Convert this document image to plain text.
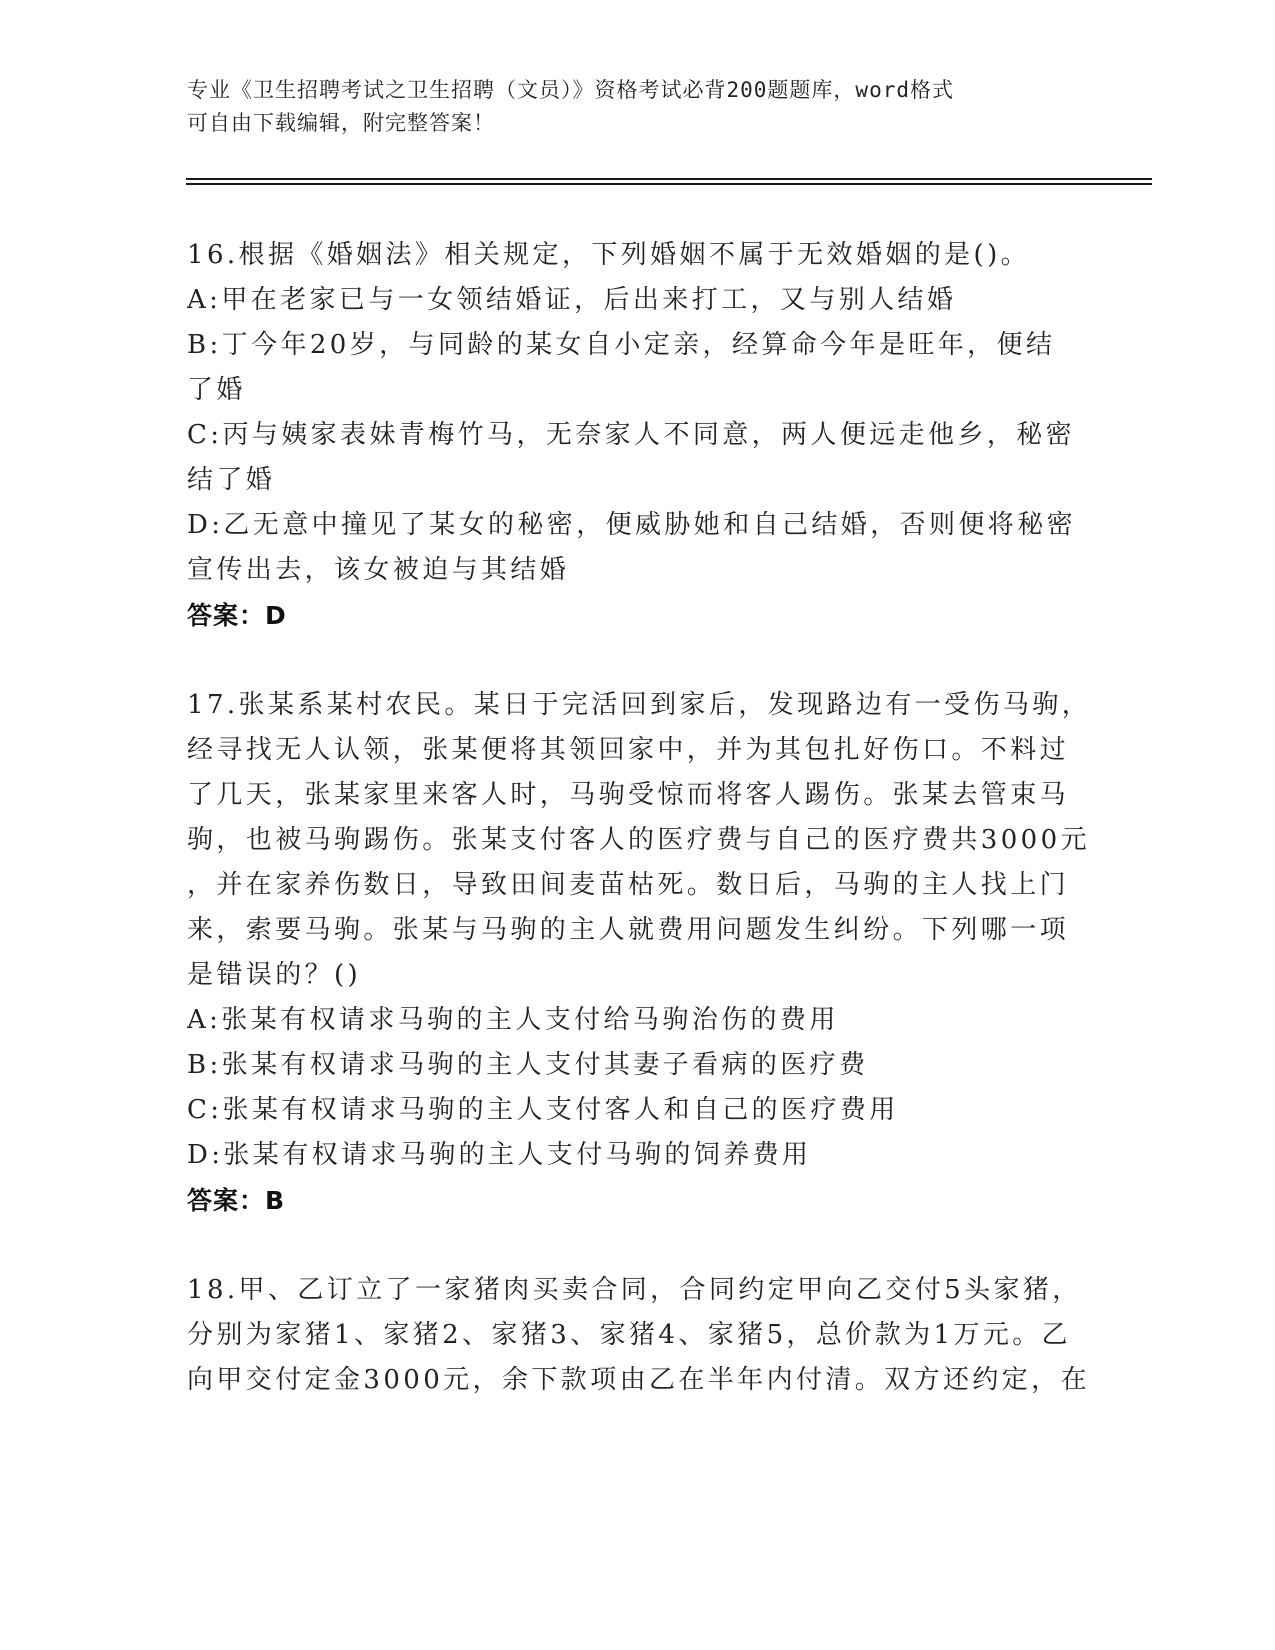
专业《卫生招聘考试之卫生招聘（文员）》资格考试必背200题题库，word格式
可自由下载编辑，附完整答案！
16.根据《婚姻法》相关规定，下列婚姻不属于无效婚姻的是()。
A:甲在老家已与一女领结婚证，后出来打工，又与别人结婚
B:丁今年20岁，与同龄的某女自小定亲，经算命今年是旺年，便结
了婚
C:丙与姨家表妹青梅竹马，无奈家人不同意，两人便远走他乡，秘密
结了婚
D:乙无意中撞见了某女的秘密，便威胁她和自己结婚，否则便将秘密
宣传出去，该女被迫与其结婚
答案：D
17.张某系某村农民。某日于完活回到家后，发现路边有一受伤马驹，
经寻找无人认领，张某便将其领回家中，并为其包扎好伤口。不料过
了几天，张某家里来客人时，马驹受惊而将客人踢伤。张某去管束马
驹，也被马驹踢伤。张某支付客人的医疗费与自己的医疗费共3000元
，并在家养伤数日，导致田间麦苗枯死。数日后，马驹的主人找上门
来，索要马驹。张某与马驹的主人就费用问题发生纠纷。下列哪一项
是错误的？()
A:张某有权请求马驹的主人支付给马驹治伤的费用
B:张某有权请求马驹的主人支付其妻子看病的医疗费
C:张某有权请求马驹的主人支付客人和自己的医疗费用
D:张某有权请求马驹的主人支付马驹的饲养费用
答案：B
18.甲、乙订立了一家猪肉买卖合同，合同约定甲向乙交付5头家猪，
分别为家猪1、家猪2、家猪3、家猪4、家猪5，总价款为1万元。乙
向甲交付定金3000元，余下款项由乙在半年内付清。双方还约定，在
